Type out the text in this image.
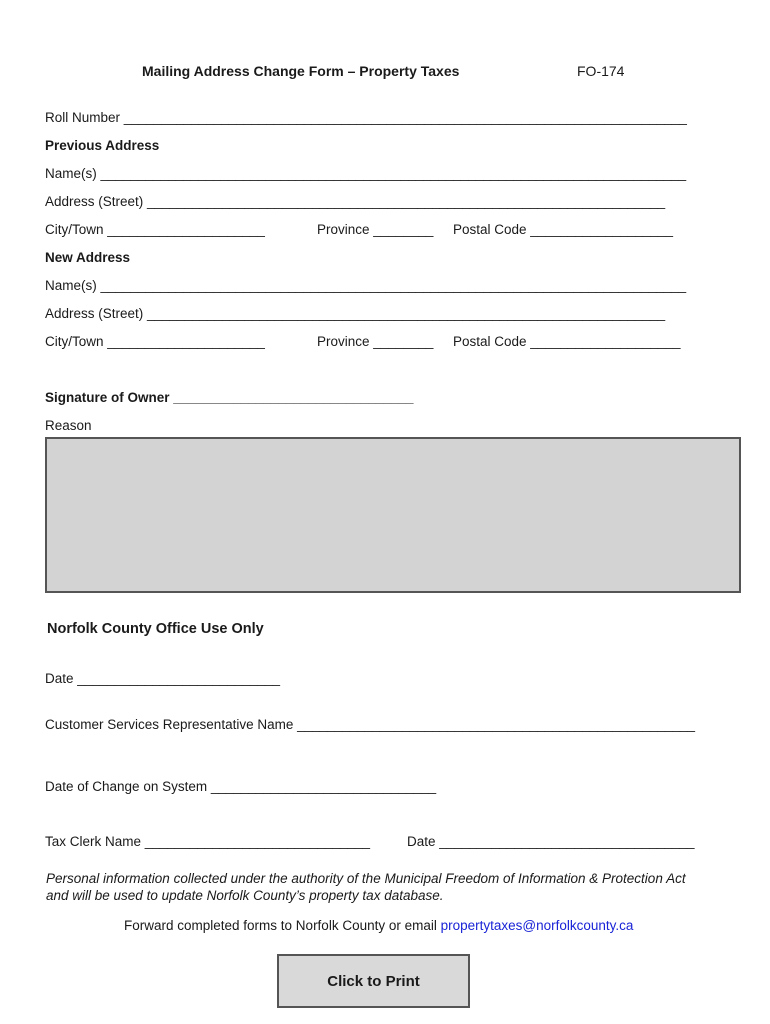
Mailing Address Change Form – Property Taxes	FO-174
Roll Number ___________________________________________________________________________
Previous Address
Name(s) ______________________________________________________________________________
Address (Street) _____________________________________________________________________
City/Town _____________________	Province ________ Postal Code ___________________
New Address
Name(s) ______________________________________________________________________________
Address (Street) _____________________________________________________________________
City/Town _____________________	Province ________ Postal Code ____________________
Signature of Owner ________________________________
Reason
Norfolk County Office Use Only
Date ___________________________
Customer Services Representative Name _____________________________________________________
Date of Change on System ______________________________
Tax Clerk Name ______________________________	Date __________________________________
Personal information collected under the authority of the Municipal Freedom of Information & Protection Act
and will be used to update Norfolk County’s property tax database.
Forward completed forms to Norfolk County or email propertytaxes@norfolkcounty.ca
Click to Print
